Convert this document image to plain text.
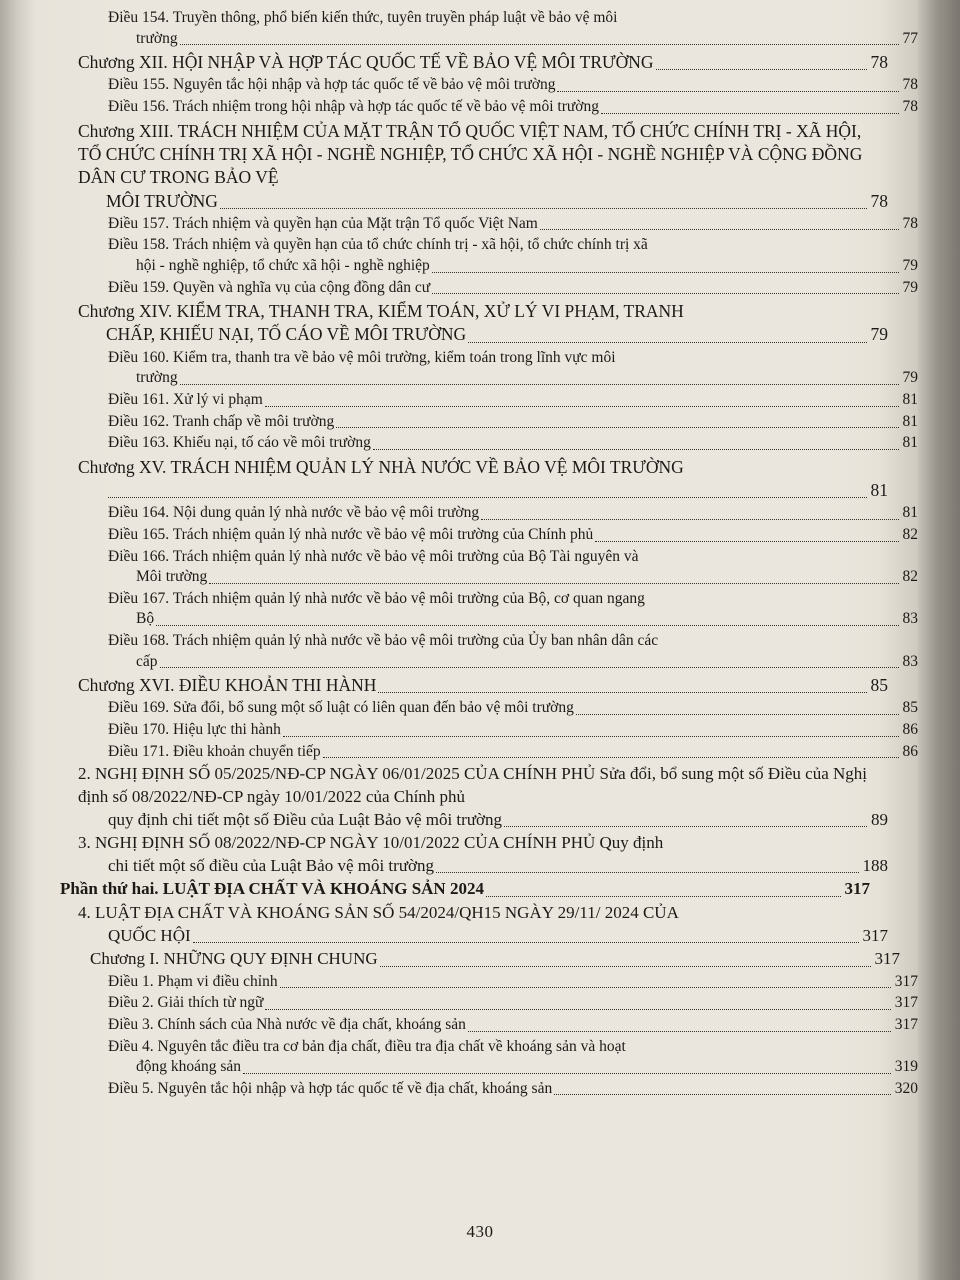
Điều 154. Truyền thông, phổ biến kiến thức, tuyên truyền pháp luật về bảo vệ môi
trường	77
Chương XII. HỘI NHẬP VÀ HỢP TÁC QUỐC TẾ VỀ BẢO VỆ MÔI TRƯỜNG	78
Điều 155. Nguyên tắc hội nhập và hợp tác quốc tế về bảo vệ môi trường	78
Điều 156. Trách nhiệm trong hội nhập và hợp tác quốc tế về bảo vệ môi trường	78
Chương XIII. TRÁCH NHIỆM CỦA MẶT TRẬN TỔ QUỐC VIỆT NAM, TỔ CHỨC CHÍNH TRỊ - XÃ HỘI, TỔ CHỨC CHÍNH TRỊ XÃ HỘI - NGHỀ NGHIỆP, TỔ CHỨC XÃ HỘI - NGHỀ NGHIỆP VÀ CỘNG ĐỒNG DÂN CƯ TRONG BẢO VỆ
MÔI TRƯỜNG	78
Điều 157. Trách nhiệm và quyền hạn của Mặt trận Tổ quốc Việt Nam	78
Điều 158. Trách nhiệm và quyền hạn của tổ chức chính trị - xã hội, tổ chức chính trị xã
hội - nghề nghiệp, tổ chức xã hội - nghề nghiệp	79
Điều 159. Quyền và nghĩa vụ của cộng đồng dân cư	79
Chương XIV. KIỂM TRA, THANH TRA, KIỂM TOÁN, XỬ LÝ VI PHẠM, TRANH
CHẤP, KHIẾU NẠI, TỐ CÁO VỀ MÔI TRƯỜNG	79
Điều 160. Kiểm tra, thanh tra về bảo vệ môi trường, kiểm toán trong lĩnh vực môi
trường	79
Điều 161. Xử lý vi phạm	81
Điều 162. Tranh chấp về môi trường	81
Điều 163. Khiếu nại, tố cáo về môi trường	81
Chương XV. TRÁCH NHIỆM QUẢN LÝ NHÀ NƯỚC VỀ BẢO VỆ MÔI TRƯỜNG
81
Điều 164. Nội dung quản lý nhà nước về bảo vệ môi trường	81
Điều 165. Trách nhiệm quản lý nhà nước về bảo vệ môi trường của Chính phủ	82
Điều 166. Trách nhiệm quản lý nhà nước về bảo vệ môi trường của Bộ Tài nguyên và
Môi trường	82
Điều 167. Trách nhiệm quản lý nhà nước về bảo vệ môi trường của Bộ, cơ quan ngang
Bộ	83
Điều 168. Trách nhiệm quản lý nhà nước về bảo vệ môi trường của Ủy ban nhân dân các
cấp	83
Chương XVI. ĐIỀU KHOẢN THI HÀNH	85
Điều 169. Sửa đổi, bổ sung một số luật có liên quan đến bảo vệ môi trường	85
Điều 170. Hiệu lực thi hành	86
Điều 171. Điều khoản chuyển tiếp	86
2. NGHỊ ĐỊNH SỐ 05/2025/NĐ-CP NGÀY 06/01/2025 CỦA CHÍNH PHỦ Sửa đổi, bổ sung một số Điều của Nghị định số 08/2022/NĐ-CP ngày 10/01/2022 của Chính phủ
quy định chi tiết một số Điều của Luật Bảo vệ môi trường	89
3. NGHỊ ĐỊNH SỐ 08/2022/NĐ-CP NGÀY 10/01/2022 CỦA CHÍNH PHỦ Quy định
chi tiết một số điều của Luật Bảo vệ môi trường	188
Phần thứ hai. LUẬT ĐỊA CHẤT VÀ KHOÁNG SẢN 2024	317
4. LUẬT ĐỊA CHẤT VÀ KHOÁNG SẢN SỐ 54/2024/QH15 NGÀY 29/11/ 2024 CỦA
QUỐC HỘI	317
Chương I. NHỮNG QUY ĐỊNH CHUNG	317
Điều 1. Phạm vi điều chỉnh	317
Điều 2. Giải thích từ ngữ	317
Điều 3. Chính sách của Nhà nước về địa chất, khoáng sản	317
Điều 4. Nguyên tắc điều tra cơ bản địa chất, điều tra địa chất về khoáng sản và hoạt
động khoáng sản	319
Điều 5. Nguyên tắc hội nhập và hợp tác quốc tế về địa chất, khoáng sản	320
430
